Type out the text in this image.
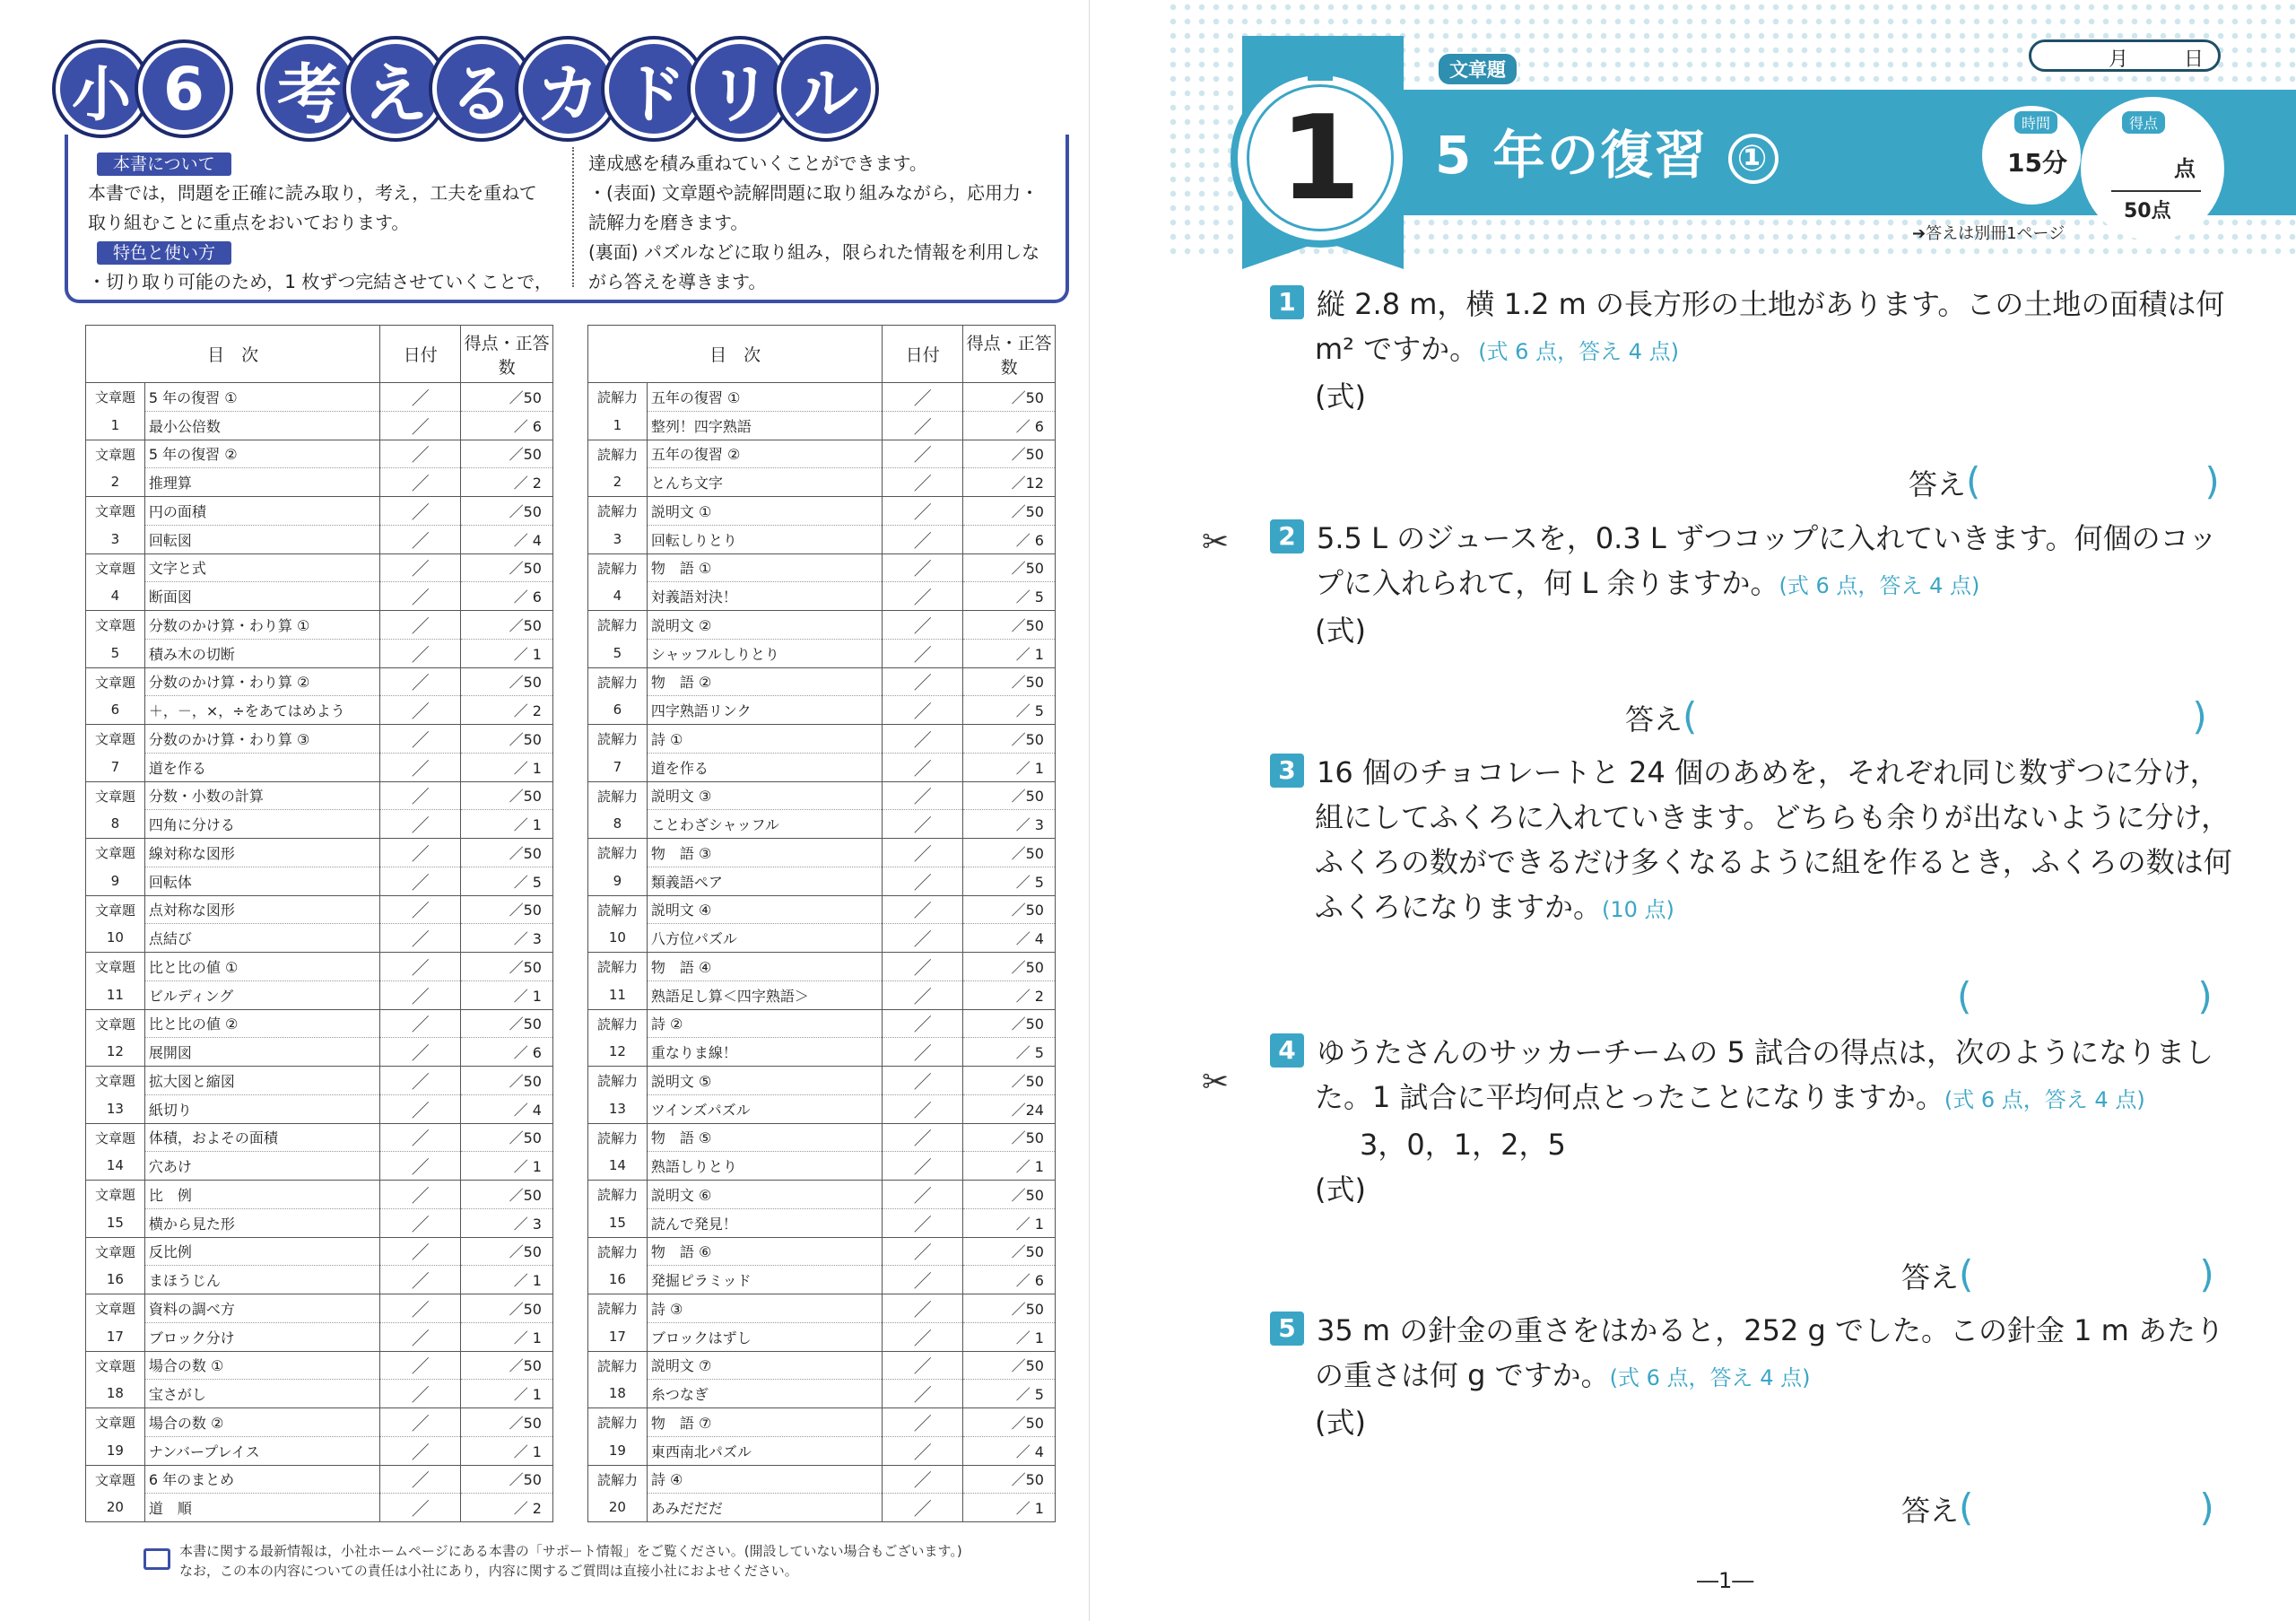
小 6	考 え る カ ド リ ル
本書について
本書では，問題を正確に読み取り，考え，工夫を重ねて取り組むことに重点をおいております。
特色と使い方
・切り取り可能のため，1 枚ずつ完結させていくことで，
達成感を積み重ねていくことができます。
・(表面) 文章題や読解問題に取り組みながら，応用力・読解力を磨きます。
(裏面) パズルなどに取り組み，限られた情報を利用しながら答えを導きます。
目　次		日付	得点・正答数
文章題	5 年の復習 ①	／	／50
1	最小公倍数	／	／ 6
文章題	5 年の復習 ②	／	／50
2	推理算	／	／ 2
文章題	円の面積	／	／50
3	回転図	／	／ 4
文章題	文字と式	／	／50
4	断面図	／	／ 6
文章題	分数のかけ算・わり算 ①	／	／50
5	積み木の切断	／	／ 1
文章題	分数のかけ算・わり算 ②	／	／50
6	＋，－，×，÷をあてはめよう	／	／ 2
文章題	分数のかけ算・わり算 ③	／	／50
7	道を作る	／	／ 1
文章題	分数・小数の計算	／	／50
8	四角に分ける	／	／ 1
文章題	線対称な図形	／	／50
9	回転体	／	／ 5
文章題	点対称な図形	／	／50
10	点結び	／	／ 3
文章題	比と比の値 ①	／	／50
11	ビルディング	／	／ 1
文章題	比と比の値 ②	／	／50
12	展開図	／	／ 6
文章題	拡大図と縮図	／	／50
13	紙切り	／	／ 4
文章題	体積，およその面積	／	／50
14	穴あけ	／	／ 1
文章題	比　例	／	／50
15	横から見た形	／	／ 3
文章題	反比例	／	／50
16	まほうじん	／	／ 1
文章題	資料の調べ方	／	／50
17	ブロック分け	／	／ 1
文章題	場合の数 ①	／	／50
18	宝さがし	／	／ 1
文章題	場合の数 ②	／	／50
19	ナンバープレイス	／	／ 1
文章題	6 年のまとめ	／	／50
20	道　順	／	／ 2
目　次		日付	得点・正答数
読解力	五年の復習 ①	／	／50
1	整列！四字熟語	／	／ 6
読解力	五年の復習 ②	／	／50
2	とんち文字	／	／12
読解力	説明文 ①	／	／50
3	回転しりとり	／	／ 6
読解力	物　語 ①	／	／50
4	対義語対決！	／	／ 5
読解力	説明文 ②	／	／50
5	シャッフルしりとり	／	／ 1
読解力	物　語 ②	／	／50
6	四字熟語リンク	／	／ 5
読解力	詩 ①	／	／50
7	道を作る	／	／ 1
読解力	説明文 ③	／	／50
8	ことわざシャッフル	／	／ 3
読解力	物　語 ③	／	／50
9	類義語ペア	／	／ 5
読解力	説明文 ④	／	／50
10	八方位パズル	／	／ 4
読解力	物　語 ④	／	／50
11	熟語足し算＜四字熟語＞	／	／ 2
読解力	詩 ②	／	／50
12	重なりま線！	／	／ 5
読解力	説明文 ⑤	／	／50
13	ツインズパズル	／	／24
読解力	物　語 ⑤	／	／50
14	熟語しりとり	／	／ 1
読解力	説明文 ⑥	／	／50
15	読んで発見！	／	／ 1
読解力	物　語 ⑥	／	／50
16	発掘ピラミッド	／	／ 6
読解力	詩 ③	／	／50
17	ブロックはずし	／	／ 1
読解力	説明文 ⑦	／	／50
18	糸つなぎ	／	／ 5
読解力	物　語 ⑦	／	／50
19	東西南北パズル	／	／ 4
読解力	詩 ④	／	／50
20	あみだだだ	／	／ 1
本書に関する最新情報は，小社ホームページにある本書の「サポート情報」をご覧ください。(開設していない場合もございます。)
なお，この本の内容についての責任は小社にあり，内容に関するご質問は直接小社におよせください。
1
文章題
5 年の復習 ①
月	日
時間
15分
得点
点
50点
➔答えは別冊1ページ
1 縦 2.8 m，横 1.2 m の長方形の土地があります。この土地の面積は何
m² ですか。(式 6 点，答え 4 点)
(式)
答え(	)
✂	2 5.5 L のジュースを，0.3 L ずつコップに入れていきます。何個のコッ
プに入れられて，何 L 余りますか。(式 6 点，答え 4 点)
(式)
答え(	)
3 16 個のチョコレートと 24 個のあめを，それぞれ同じ数ずつに分け，
組にしてふくろに入れていきます。どちらも余りが出ないように分け，
ふくろの数ができるだけ多くなるように組を作るとき，ふくろの数は何
ふくろになりますか。(10 点)
(	)
✂
4 ゆうたさんのサッカーチームの 5 試合の得点は，次のようになりまし
た。1 試合に平均何点とったことになりますか。(式 6 点，答え 4 点)
3，0，1，2，5
(式)
答え(	)
5 35 m の針金の重さをはかると，252 g でした。この針金 1 m あたり
の重さは何 g ですか。(式 6 点，答え 4 点)
(式)
答え(	)
―1―
